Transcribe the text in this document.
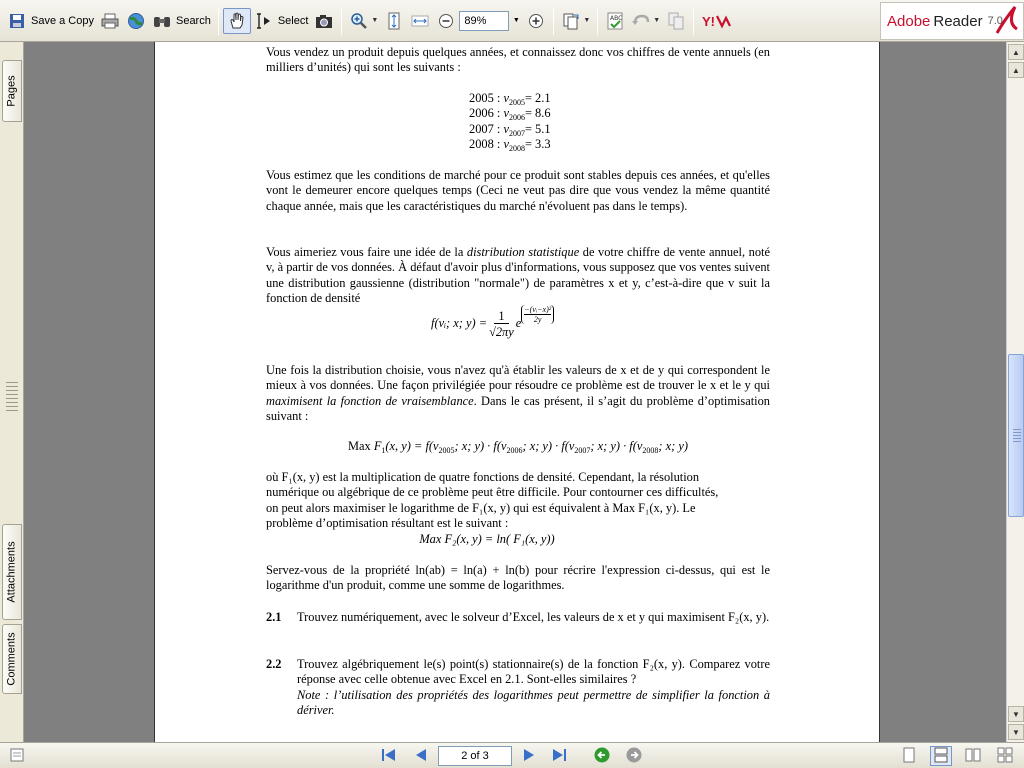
Save a Copy	Search	Select	▼	89%	▼	▼	ABC	▼	Y!	Adobe Reader 7.0
Pages
Attachments
Comments
Vous vendez un produit depuis quelques années, et connaissez donc vos chiffres de vente annuels (en milliers d’unités) qui sont les suivants :
2005 : $v_{2005}= 2.1$
2006 : $v_{2006}= 8.6$
2007 : $v_{2007}= 5.1$
2008 : $v_{2008}= 3.3$
Vous estimez que les conditions de marché pour ce produit sont stables depuis ces années, et qu'elles vont le demeurer encore quelques temps (Ceci ne veut pas dire que vous vendez la même quantité chaque année, mais que les caractéristiques du marché n'évoluent pas dans le temps).
Vous aimeriez vous faire une idée de la distribution statistique de votre chiffre de vente annuel, noté v, à partir de vos données. À défaut d'avoir plus d'informations, vous supposez que vos ventes suivent une distribution gaussienne (distribution "normale") de paramètres x et y, c’est-à-dire que v suit la fonction de densité
f(vᵢ; x; $y) = \frac{1}{√2\pi y}$ e $\frac{\text{−(vᵢ−x)²}}{2y}$
Une fois la distribution choisie, vous n'avez qu'à établir les valeurs de x et de y qui correspondent le mieux à vos données. Une façon privilégiée pour résoudre ce problème est de trouver le x et le y qui maximisent la fonction de vraisemblance. Dans le cas présent, il s’agit du problème d’optimisation suivant :
Max $F_1(x$, $y) = f(v_{2005}$; x; $y) \cdot f(v_{2006}$; x; $y) \cdot f(v_{2007}$; x; $y) \cdot f(v_{2008}$; x; y)
où F₁(x, y) est la multiplication de quatre fonctions de densité. Cependant, la résolution
numérique ou algébrique de ce problème peut être difficile. Pour contourner ces difficultés,
on peut alors maximiser le logarithme de F₁(x, y) qui est équivalent à Max F₁(x, y). Le
problème d’optimisation résultant est le suivant :
Max F₂(x, y) = ln( F₁(x, y))
Servez-vous de la propriété ln(ab) = ln(a) + ln(b) pour récrire l'expression ci-dessus, qui est le logarithme d'un produit, comme une somme de logarithmes.
2.1 Trouvez numériquement, avec le solveur d’Excel, les valeurs de x et y qui maximisent F₂(x, y).
2.2 Trouvez algébriquement le(s) point(s) stationnaire(s) de la fonction F₂(x, y). Comparez votre réponse avec celle obtenue avec Excel en 2.1. Sont-elles similaires ?
Note : l’utilisation des propriétés des logarithmes peut permettre de simplifier la fonction à dériver.
▲
▲
▼
▼
2 of 3
